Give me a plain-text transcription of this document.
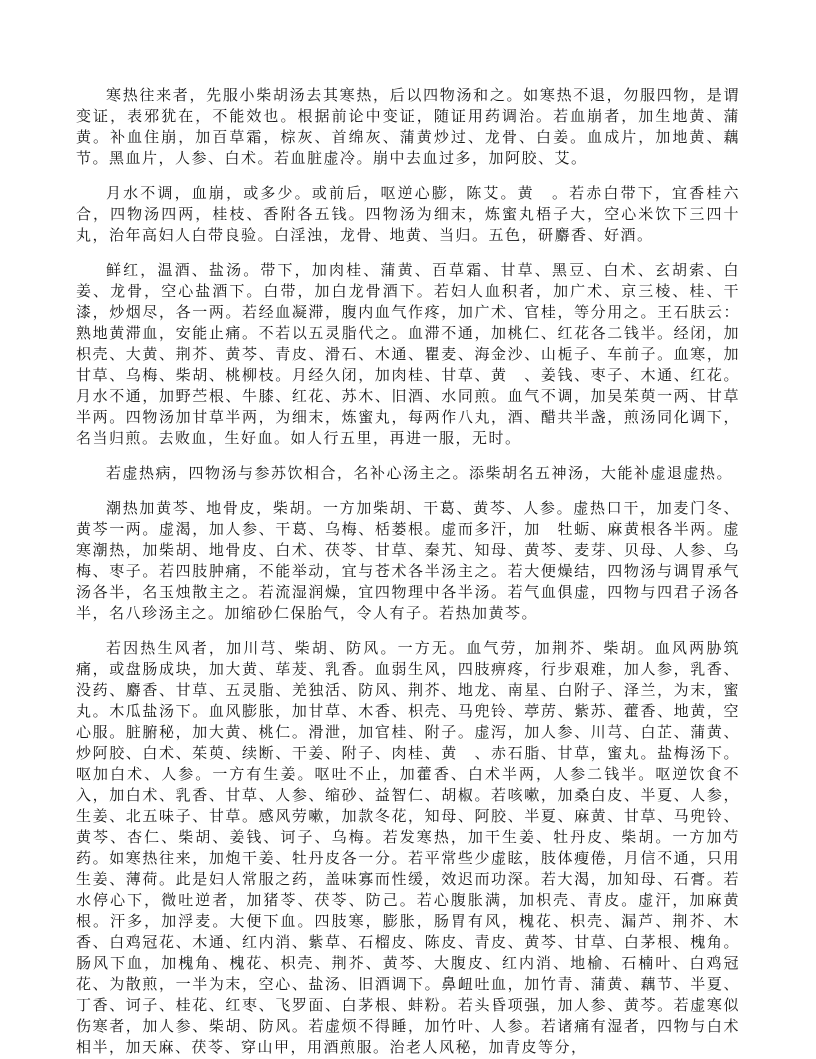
寒热往来者，先服小柴胡汤去其寒热，后以四物汤和之。如寒热不退，勿服四物，是谓变证，表邪犹在，不能效也。根据前论中变证，随证用药调治。若血崩者，加生地黄、蒲黄。补血住崩，加百草霜，棕灰、首绵灰、蒲黄炒过、龙骨、白姜。血成片，加地黄、藕节。黑血片，人参、白术。若血脏虚冷。崩中去血过多，加阿胶、艾。

月水不调，血崩，或多少。或前后，呕逆心膨，陈艾。黄　。若赤白带下，宜香桂六合，四物汤四两，桂枝、香附各五钱。四物汤为细末，炼蜜丸梧子大，空心米饮下三四十丸，治年高妇人白带良验。白淫浊，龙骨、地黄、当归。五色，研麝香、好酒。

鲜红，温酒、盐汤。带下，加肉桂、蒲黄、百草霜、甘草、黑豆、白术、玄胡索、白姜、龙骨，空心盐酒下。白带，加白龙骨酒下。若妇人血积者，加广术、京三棱、桂、干漆，炒烟尽，各一两。若经血凝滞，腹内血气作疼，加广术、官桂，等分用之。王石肤云：熟地黄滞血，安能止痛。不若以五灵脂代之。血滞不通，加桃仁、红花各二钱半。经闭，加枳壳、大黄、荆芥、黄芩、青皮、滑石、木通、瞿麦、海金沙、山栀子、车前子。血寒，加甘草、乌梅、柴胡、桃柳枝。月经久闭，加肉桂、甘草、黄　、姜钱、枣子、木通、红花。月水不通，加野苎根、牛膝、红花、苏木、旧酒、水同煎。血气不调，加吴茱萸一两、甘草半两。四物汤加甘草半两，为细末，炼蜜丸，每两作八丸，酒、醋共半盏，煎汤同化调下，名当归煎。去败血，生好血。如人行五里，再进一服，无时。

若虚热病，四物汤与参苏饮相合，名补心汤主之。添柴胡名五神汤，大能补虚退虚热。

潮热加黄芩、地骨皮，柴胡。一方加柴胡、干葛、黄芩、人参。虚热口干，加麦门冬、黄芩一两。虚渴，加人参、干葛、乌梅、栝蒌根。虚而多汗，加　牡蛎、麻黄根各半两。虚寒潮热，加柴胡、地骨皮、白术、茯苓、甘草、秦艽、知母、黄芩、麦芽、贝母、人参、乌梅、枣子。若四肢肿痛，不能举动，宜与苍术各半汤主之。若大便燥结，四物汤与调胃承气汤各半，名玉烛散主之。若流湿润燥，宜四物理中各半汤。若气血俱虚，四物与四君子汤各半，名八珍汤主之。加缩砂仁保胎气，令人有子。若热加黄芩。

若因热生风者，加川芎、柴胡、防风。一方无。血气劳，加荆芥、柴胡。血风两胁筑痛，或盘肠成块，加大黄、荜茇、乳香。血弱生风，四肢痹疼，行步艰难，加人参，乳香、没药、麝香、甘草、五灵脂、羌独活、防风、荆芥、地龙、南星、白附子、泽兰，为末，蜜丸。木瓜盐汤下。血风膨胀，加甘草、木香、枳壳、马兜铃、葶苈、紫苏、藿香、地黄，空心服。脏腑秘，加大黄、桃仁。滑泄，加官桂、附子。虚泻，加人参、川芎、白芷、蒲黄、炒阿胶、白术、茱萸、续断、干姜、附子、肉桂、黄　、赤石脂、甘草，蜜丸。盐梅汤下。呕加白术、人参。一方有生姜。呕吐不止，加藿香、白术半两，人参二钱半。呕逆饮食不入，加白术、乳香、甘草、人参、缩砂、益智仁、胡椒。若咳嗽，加桑白皮、半夏、人参，生姜、北五味子、甘草。感风劳嗽，加款冬花，知母、阿胶、半夏、麻黄、甘草、马兜铃、黄芩、杏仁、柴胡、姜钱、诃子、乌梅。若发寒热，加干生姜、牡丹皮、柴胡。一方加芍药。如寒热往来，加炮干姜、牡丹皮各一分。若平常些少虚眩，肢体瘦倦，月信不通，只用生姜、薄荷。此是妇人常服之药，盖味寡而性缓，效迟而功深。若大渴，加知母、石膏。若水停心下，微吐逆者，加猪苓、茯苓、防己。若心腹胀满，加枳壳、青皮。虚汗，加麻黄根。汗多，加浮麦。大便下血。四肢寒，膨胀，肠胃有风，槐花、枳壳、漏芦、荆芥、木香、白鸡冠花、木通、红内消、紫草、石榴皮、陈皮、青皮、黄芩、甘草、白茅根、槐角。肠风下血，加槐角、槐花、枳壳、荆芥、黄芩、大腹皮、红内消、地榆、石楠叶、白鸡冠花、为散煎，一半为末，空心、盐汤、旧酒调下。鼻衄吐血，加竹青、蒲黄、藕节、半夏、丁香、诃子、桂花、红枣、飞罗面、白茅根、蚌粉。若头昏项强，加人参、黄芩。若虚寒似伤寒者，加人参、柴胡、防风。若虚烦不得睡，加竹叶、人参。若诸痛有湿者，四物与白术相半，加天麻、茯苓、穿山甲，用酒煎服。治老人风秘，加青皮等分，
